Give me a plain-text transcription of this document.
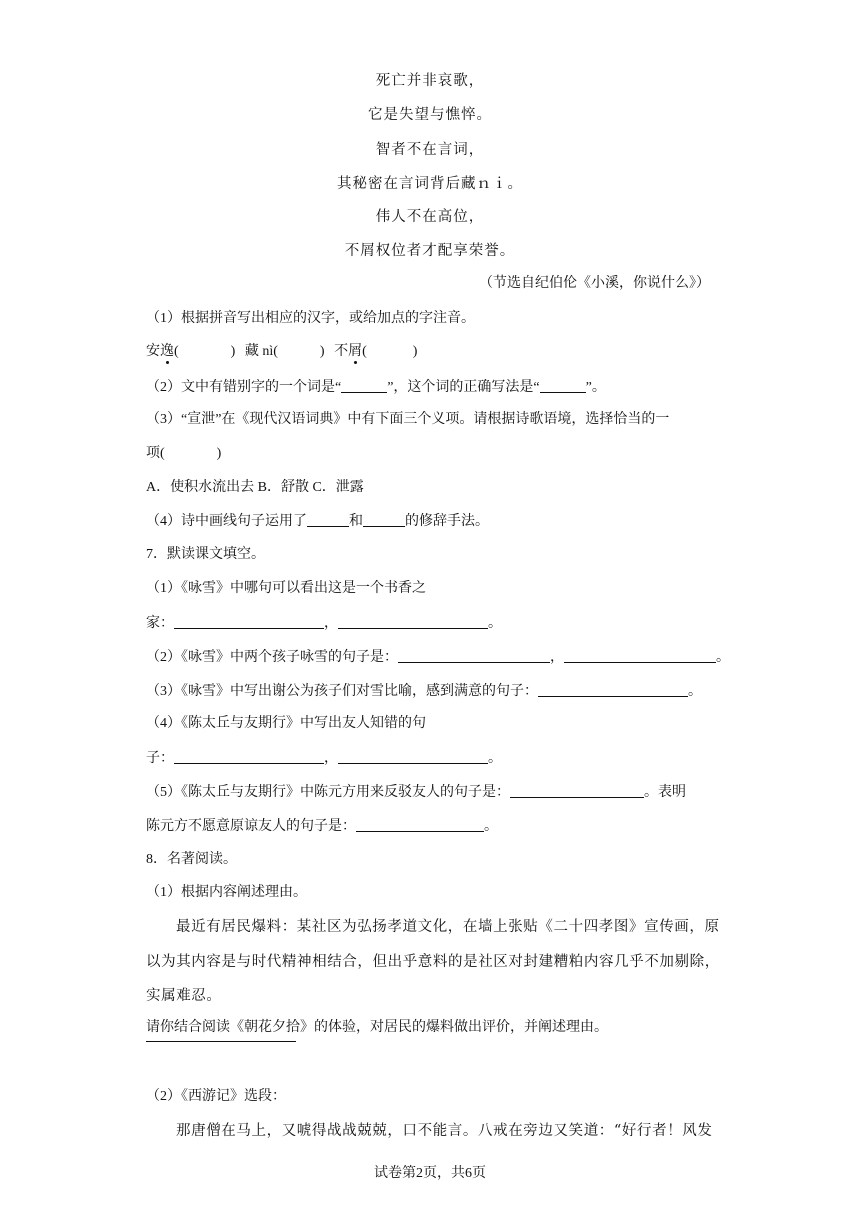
死亡并非哀歌，
它是失望与憔悴。
智者不在言词，
其秘密在言词背后藏ｎｉ。
伟人不在高位，
不屑权位者才配享荣誉。
（节选自纪伯伦《小溪，你说什么》）
（1）根据拼音写出相应的汉字，或给加点的字注音。
安逸(	) 藏 nì(	) 不屑(	)
（2）文中有错别字的一个词是“	”，这个词的正确写法是“	”。
（3）“宣泄”在《现代汉语词典》中有下面三个义项。请根据诗歌语境，选择恰当的一
项(	)
A．使积水流出去 B．舒散 C．泄露
（4）诗中画线句子运用了	和	的修辞手法。
7．默读课文填空。
（1）《咏雪》中哪句可以看出这是一个书香之
家：	，	。
（2）《咏雪》中两个孩子咏雪的句子是：	，	。
（3）《咏雪》中写出谢公为孩子们对雪比喻，感到满意的句子：	。
（4）《陈太丘与友期行》中写出友人知错的句
子：	，	。
（5）《陈太丘与友期行》中陈元方用来反驳友人的句子是：	。表明
陈元方不愿意原谅友人的句子是：	。
8．名著阅读。
（1）根据内容阐述理由。
最近有居民爆料：某社区为弘扬孝道文化，在墙上张贴《二十四孝图》宣传画，原
以为其内容是与时代精神相结合，但出乎意料的是社区对封建糟粕内容几乎不加剔除，
实属难忍。
请你结合阅读《朝花夕拾》的体验，对居民的爆料做出评价，并阐述理由。
（2）《西游记》选段：
那唐僧在马上，又唬得战战兢兢，口不能言。八戒在旁边又笑道：“好行者！风发
试卷第2页，共6页
